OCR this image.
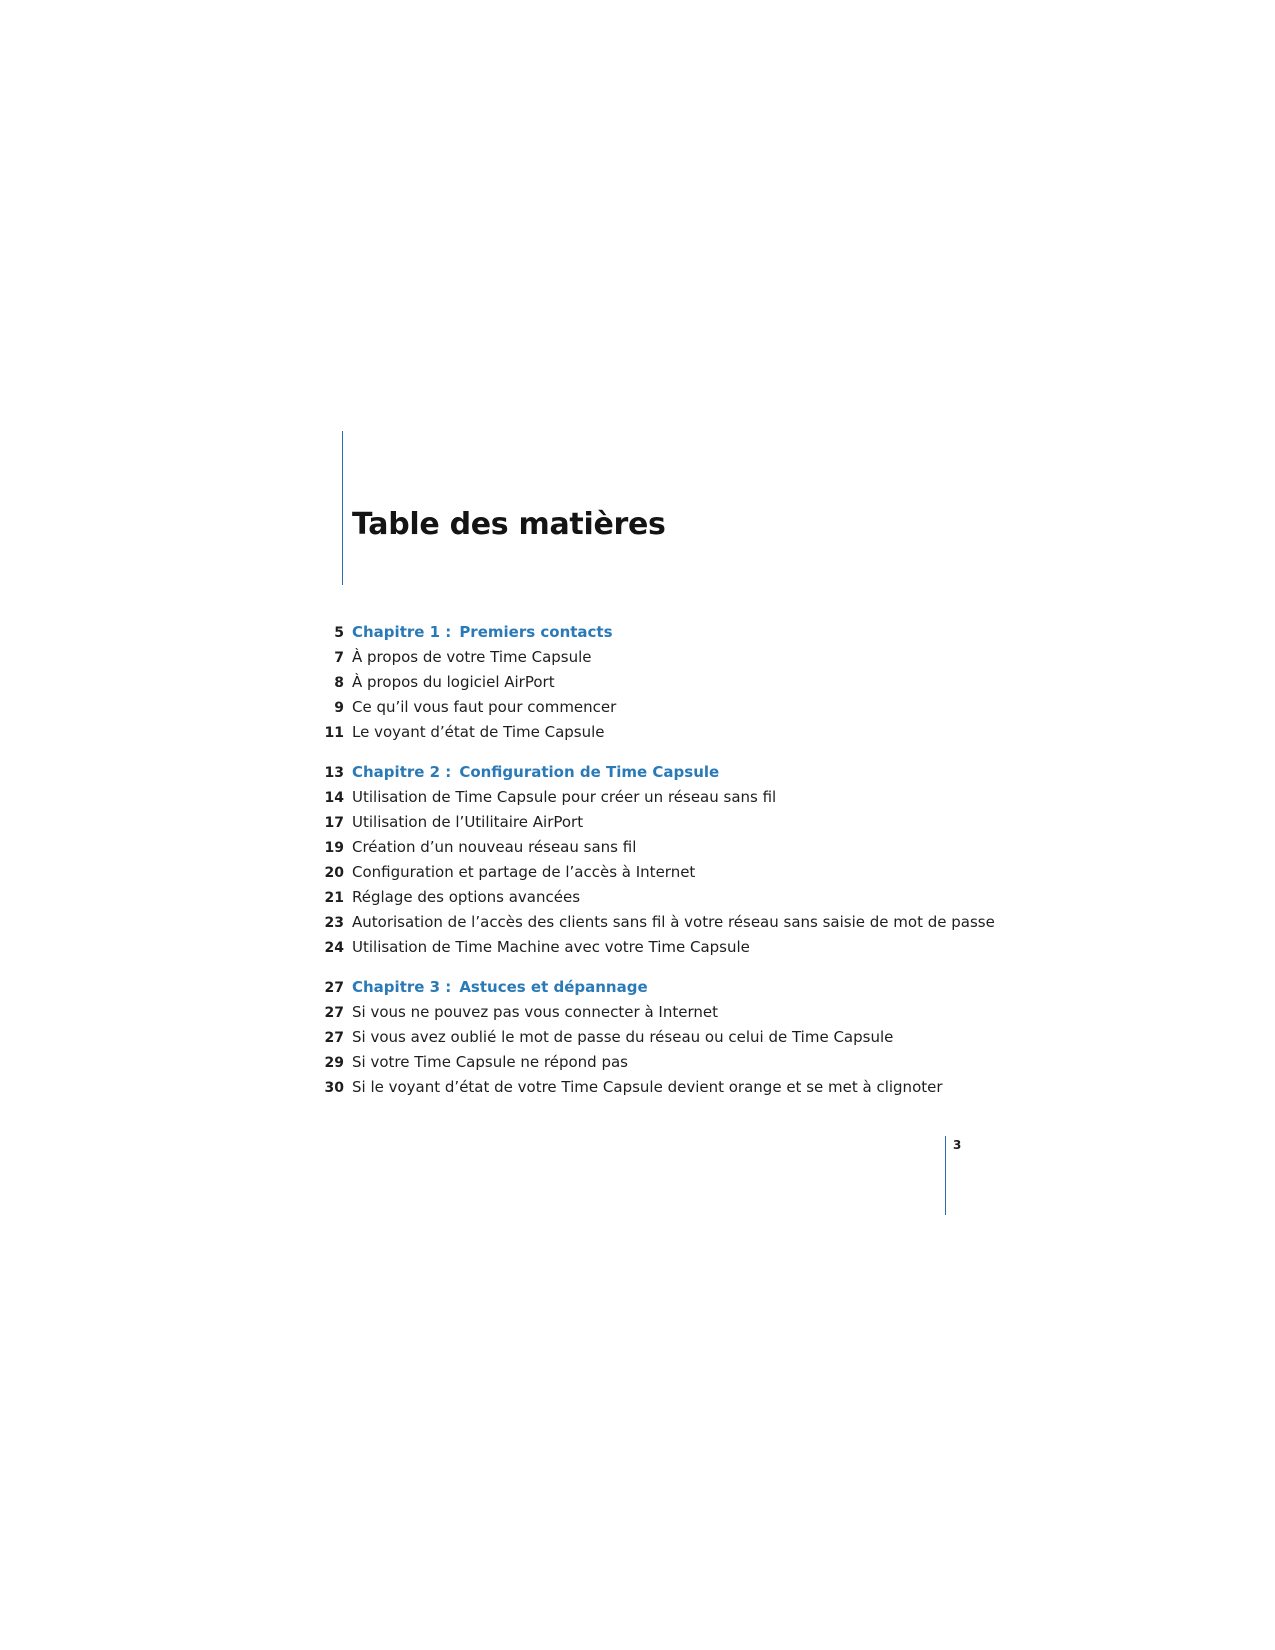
Table des matières
5 Chapitre 1 : Premiers contacts
7 À propos de votre Time Capsule
8 À propos du logiciel AirPort
9 Ce qu’il vous faut pour commencer
11 Le voyant d’état de Time Capsule
13 Chapitre 2 : Configuration de Time Capsule
14 Utilisation de Time Capsule pour créer un réseau sans fil
17 Utilisation de l’Utilitaire AirPort
19 Création d’un nouveau réseau sans fil
20 Configuration et partage de l’accès à Internet
21 Réglage des options avancées
23 Autorisation de l’accès des clients sans fil à votre réseau sans saisie de mot de passe
24 Utilisation de Time Machine avec votre Time Capsule
27 Chapitre 3 : Astuces et dépannage
27 Si vous ne pouvez pas vous connecter à Internet
27 Si vous avez oublié le mot de passe du réseau ou celui de Time Capsule
29 Si votre Time Capsule ne répond pas
30 Si le voyant d’état de votre Time Capsule devient orange et se met à clignoter
3
